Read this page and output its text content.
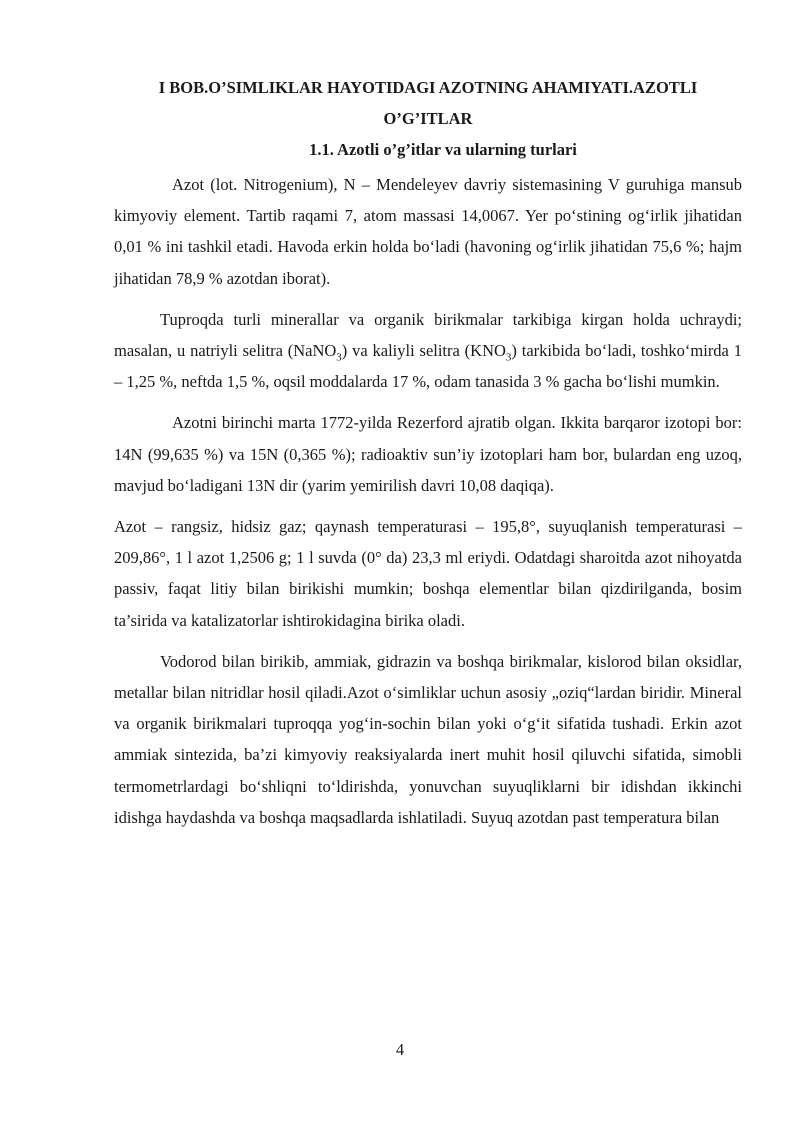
I BOB.O’SIMLIKLAR HAYOTIDAGI AZOTNING AHAMIYATI.AZOTLI O’G’ITLAR

1.1. Azotli o’g’itlar va ularning turlari

Azot (lot. Nitrogenium), N – Mendeleyev davriy sistemasining V guruhiga mansub kimyoviy element. Tartib raqami 7, atom massasi 14,0067. Yer po‘stining og‘irlik jihatidan 0,01 % ini tashkil etadi. Havoda erkin holda bo‘ladi (havoning og‘irlik jihatidan 75,6 %; hajm jihatidan 78,9 % azotdan iborat).

Tuproqda turli minerallar va organik birikmalar tarkibiga kirgan holda uchraydi; masalan, u natriyli selitra (NaNO$_3$) va kaliyli selitra $(KNO_3)$ tarkibida bo‘ladi, toshko‘mirda 1 – 1,25 %, neftda 1,5 %, oqsil moddalarda 17 %, odam tanasida 3 % gacha bo‘lishi mumkin.

Azotni birinchi marta 1772-yilda Rezerford ajratib olgan. Ikkita barqaror izotopi bor: 14N (99,635 %) va 15N (0,365 %); radioaktiv sun’iy izotoplari ham bor, bulardan eng uzoq, mavjud bo‘ladigani 13N dir (yarim yemirilish davri 10,08 daqiqa).

Azot – rangsiz, hidsiz gaz; qaynash temperaturasi – 195,8°, suyuqlanish temperaturasi – 209,86°, 1 l azot 1,2506 g; 1 l suvda (0° da) 23,3 ml eriydi. Odatdagi sharoitda azot nihoyatda passiv, faqat litiy bilan birikishi mumkin; boshqa elementlar bilan qizdirilganda, bosim ta’sirida va katalizatorlar ishtirokidagina birika oladi.

Vodorod bilan birikib, ammiak, gidrazin va boshqa birikmalar, kislorod bilan oksidlar, metallar bilan nitridlar hosil qiladi.Azot o‘simliklar uchun asosiy „oziq“lardan biridir. Mineral va organik birikmalari tuproqqa yog‘in-sochin bilan yoki o‘g‘it sifatida tushadi. Erkin azot ammiak sintezida, ba’zi kimyoviy reaksiyalarda inert muhit hosil qiluvchi sifatida, simobli termometrlardagi bo‘shliqni to‘ldirishda, yonuvchan suyuqliklarni bir idishdan ikkinchi idishga haydashda va boshqa maqsadlarda ishlatiladi. Suyuq azotdan past temperatura bilan

4
